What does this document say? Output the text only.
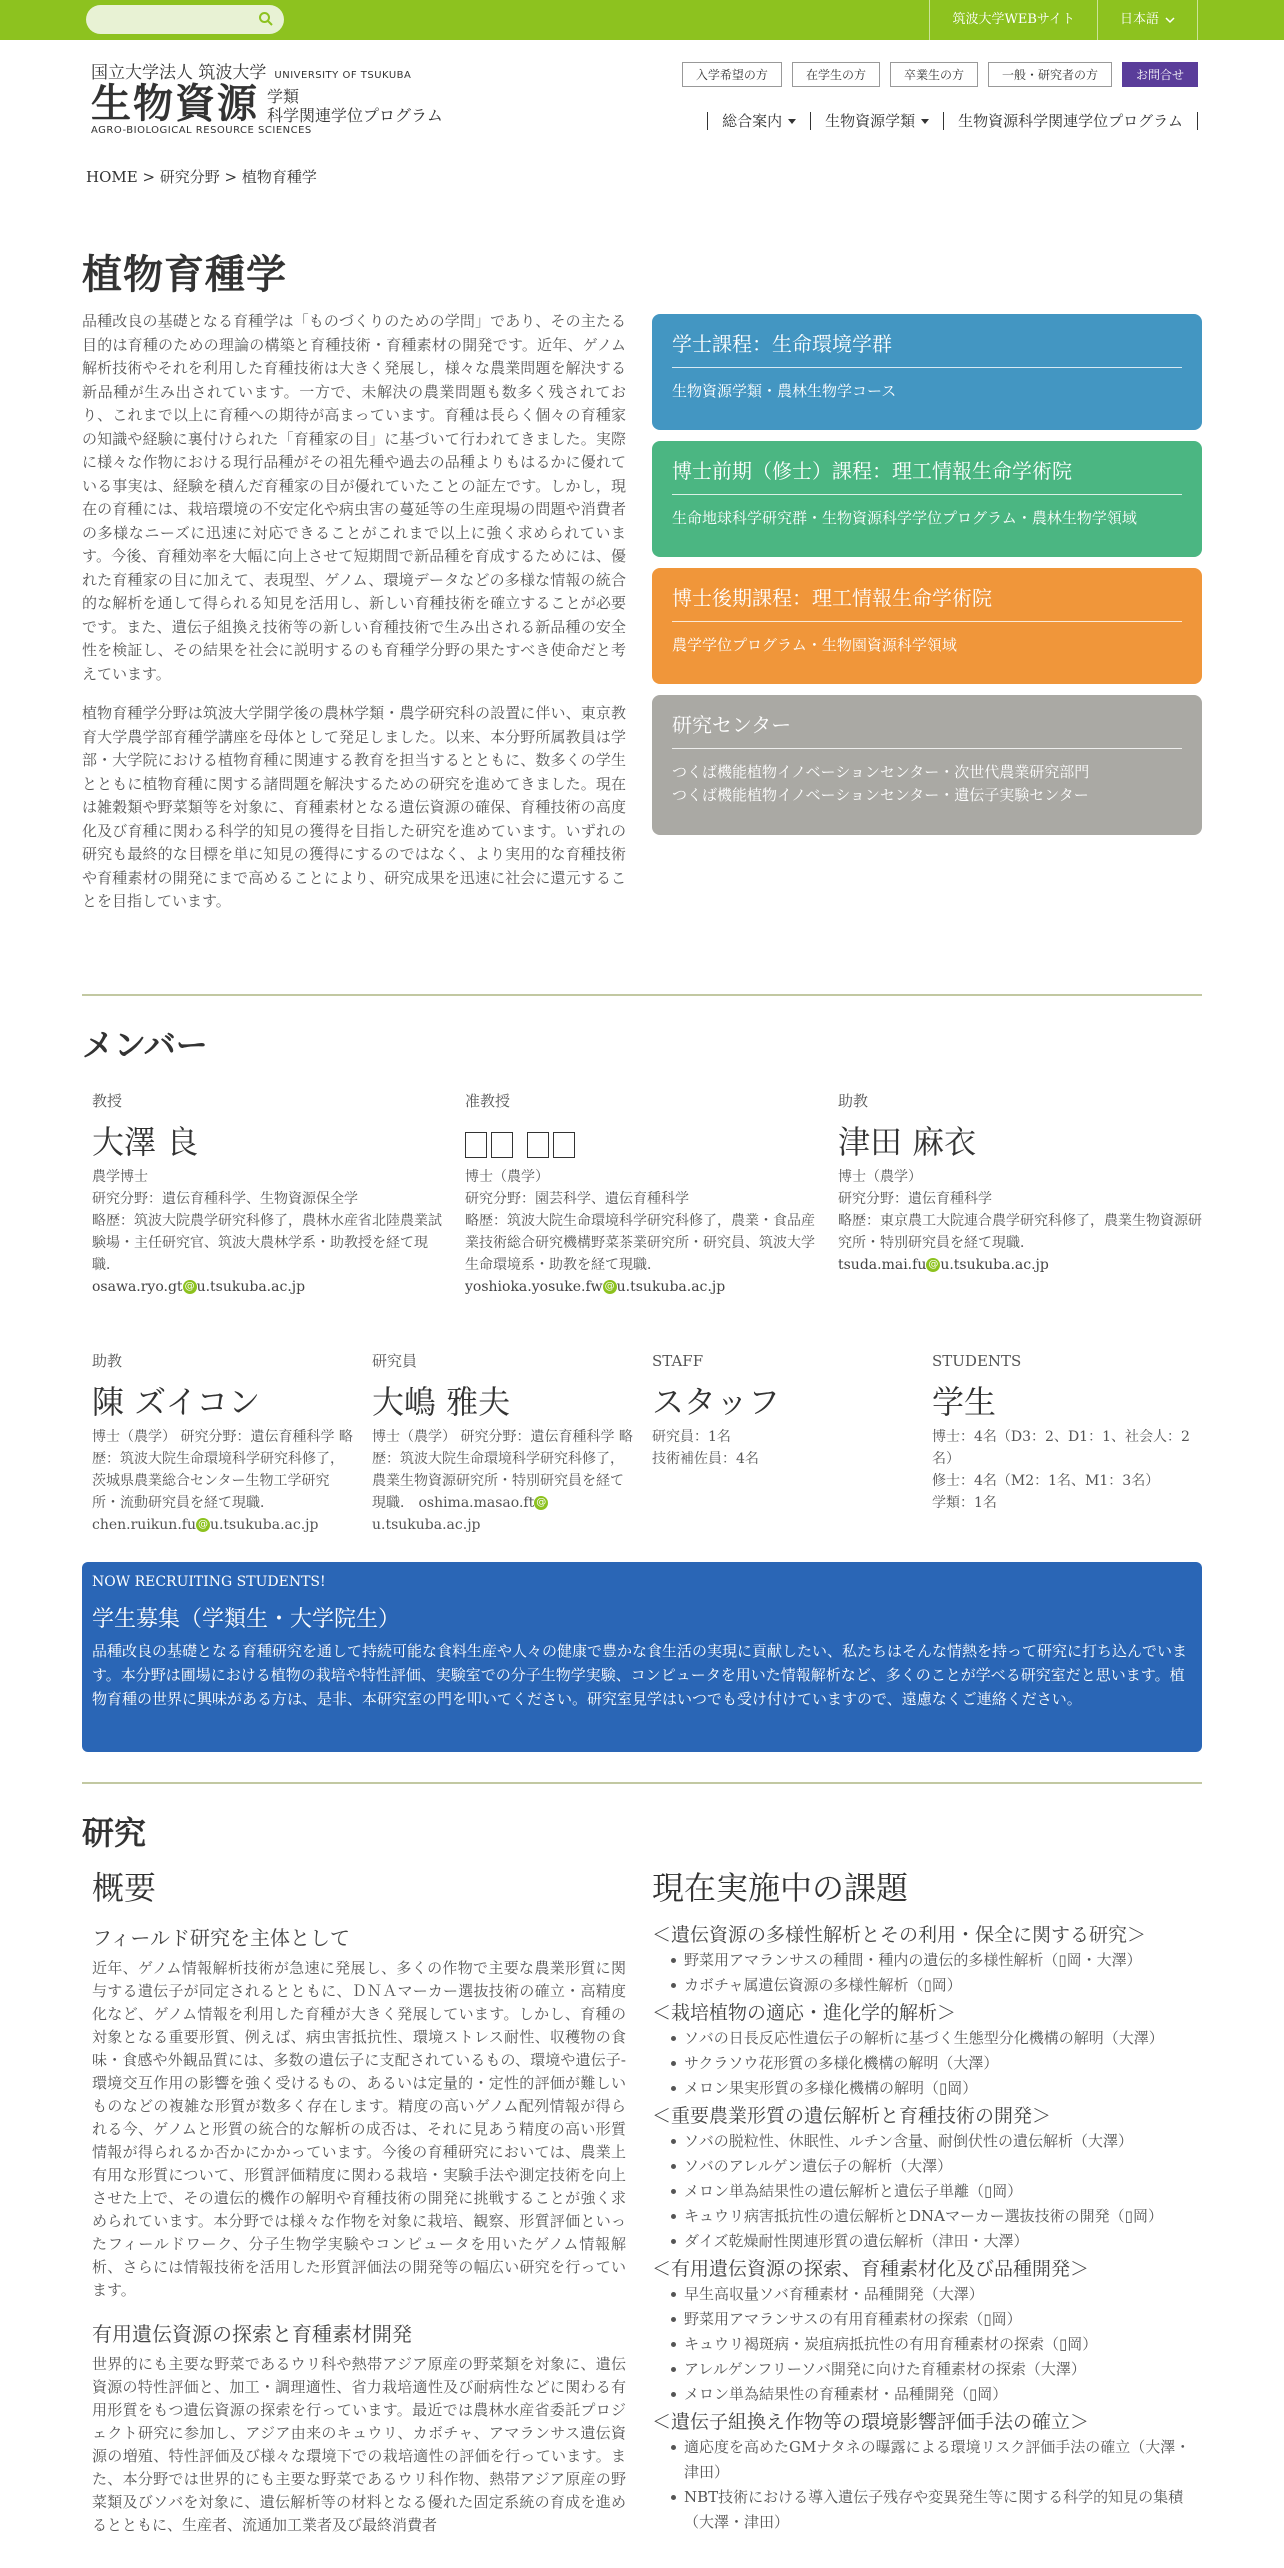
筑波大学WEBサイト	日本語
国立大学法人 筑波大学 UNIVERSITY OF TSUKUBA
生物資源 学類
科学関連学位プログラム
AGRO-BIOLOGICAL RESOURCE SCIENCES
入学希望の方	在学生の方	卒業生の方	一般・研究者の方	お問合せ
総合案内	生物資源学類	生物資源科学関連学位プログラム
HOME > 研究分野 > 植物育種学
植物育種学

品種改良の基礎となる育種学は「ものづくりのための学問」であり、その主たる目的は育種のための理論の構築と育種技術・育種素材の開発です。近年、ゲノム解析技術やそれを利用した育種技術は大きく発展し，様々な農業問題を解決する新品種が生み出されています。一方で、未解決の農業問題も数多く残されており、これまで以上に育種への期待が高まっています。育種は長らく個々の育種家の知識や経験に裏付けられた「育種家の目」に基づいて行われてきました。実際に様々な作物における現行品種がその祖先種や過去の品種よりもはるかに優れている事実は、経験を積んだ育種家の目が優れていたことの証左です。しかし，現在の育種には、栽培環境の不安定化や病虫害の蔓延等の生産現場の問題や消費者の多様なニーズに迅速に対応できることがこれまで以上に強く求められています。今後、育種効率を大幅に向上させて短期間で新品種を育成するためには、優れた育種家の目に加えて、表現型、ゲノム、環境データなどの多様な情報の統合的な解析を通して得られる知見を活用し、新しい育種技術を確立することが必要です。また、遺伝子組換え技術等の新しい育種技術で生み出される新品種の安全性を検証し、その結果を社会に説明するのも育種学分野の果たすべき使命だと考えています。

植物育種学分野は筑波大学開学後の農林学類・農学研究科の設置に伴い、東京教育大学農学部育種学講座を母体として発足しました。以来、本分野所属教員は学部・大学院における植物育種に関連する教育を担当するとともに、数多くの学生とともに植物育種に関する諸問題を解決するための研究を進めてきました。現在は雑穀類や野菜類等を対象に、育種素材となる遺伝資源の確保、育種技術の高度化及び育種に関わる科学的知見の獲得を目指した研究を進めています。いずれの研究も最終的な目標を単に知見の獲得にするのではなく、より実用的な育種技術や育種素材の開発にまで高めることにより、研究成果を迅速に社会に還元することを目指しています。

学士課程：生命環境学群
生物資源学類・農林生物学コース
博士前期（修士）課程：理工情報生命学術院
生命地球科学研究群・生物資源科学学位プログラム・農林生物学領域
博士後期課程：理工情報生命学術院
農学学位プログラム・生物園資源科学領域
研究センター
つくば機能植物イノベーションセンター・次世代農業研究部門
つくば機能植物イノベーションセンター・遺伝子実験センター
メンバー
教授
大澤 良
農学博士
研究分野：遺伝育種科学、生物資源保全学
略歴：筑波大院農学研究科修了，農林水産省北陸農業試験場・主任研究官、筑波大農林学系・助教授を経て現職．
osawa.ryo.gt @ u.tsukuba.ac.jp
准教授
博士（農学）
研究分野：園芸科学、遺伝育種科学
略歴：筑波大院生命環境科学研究科修了，農業・食品産業技術総合研究機構野菜茶業研究所・研究員、筑波大学生命環境系・助教を経て現職．
yoshioka.yosuke.fw @ u.tsukuba.ac.jp
助教
津田 麻衣
博士（農学）
研究分野：遺伝育種科学
略歴：東京農工大院連合農学研究科修了，農業生物資源研究所・特別研究員を経て現職．
tsuda.mai.fu @ u.tsukuba.ac.jp
助教
陳 ズイコン
博士（農学） 研究分野：遺伝育種科学 略歴：筑波大院生命環境科学研究科修了，茨城県農業総合センター生物工学研究所・流動研究員を経て現職． chen.ruikun.fu @ u.tsukuba.ac.jp
研究員
大嶋 雅夫
博士（農学） 研究分野：遺伝育種科学 略歴：筑波大院生命環境科学研究科修了，農業生物資源研究所・特別研究員を経て現職． oshima.masao.ft @u.tsukuba.ac.jp
STAFF
スタッフ
研究員：1名
技術補佐員：4名
STUDENTS
学生
博士：4名（D3：2、D1：1、社会人：2名）
修士：4名（M2：1名、M1：3名）
学類：1名
NOW RECRUITING STUDENTS!
学生募集（学類生・大学院生）
品種改良の基礎となる育種研究を通して持続可能な食料生産や人々の健康で豊かな食生活の実現に貢献したい、私たちはそんな情熱を持って研究に打ち込んでいます。本分野は圃場における植物の栽培や特性評価、実験室での分子生物学実験、コンピュータを用いた情報解析など、多くのことが学べる研究室だと思います。植物育種の世界に興味がある方は、是非、本研究室の門を叩いてください。研究室見学はいつでも受け付けていますので、遠慮なくご連絡ください。
研究
概要
フィールド研究を主体として
近年、ゲノム情報解析技術が急速に発展し、多くの作物で主要な農業形質に関与する遺伝子が同定されるとともに、ＤＮＡマーカー選抜技術の確立・高精度化など、ゲノム情報を利用した育種が大きく発展しています。しかし、育種の対象となる重要形質、例えば、病虫害抵抗性、環境ストレス耐性、収穫物の食味・食感や外観品質には、多数の遺伝子に支配されているもの、環境や遺伝子-環境交互作用の影響を強く受けるもの、あるいは定量的・定性的評価が難しいものなどの複雑な形質が数多く存在します。精度の高いゲノム配列情報が得られる今、ゲノムと形質の統合的な解析の成否は、それに見あう精度の高い形質情報が得られるか否かにかかっています。今後の育種研究においては、農業上有用な形質について、形質評価精度に関わる栽培・実験手法や測定技術を向上させた上で、その遺伝的機作の解明や育種技術の開発に挑戦することが強く求められています。本分野では様々な作物を対象に栽培、観察、形質評価といったフィールドワーク、分子生物学実験やコンピュータを用いたゲノム情報解析、さらには情報技術を活用した形質評価法の開発等の幅広い研究を行っています。
有用遺伝資源の探索と育種素材開発
世界的にも主要な野菜であるウリ科や熱帯アジア原産の野菜類を対象に、遺伝資源の特性評価と、加工・調理適性、省力栽培適性及び耐病性などに関わる有用形質をもつ遺伝資源の探索を行っています。最近では農林水産省委託プロジェクト研究に参加し、アジア由来のキュウリ、カボチャ、アマランサス遺伝資源の増殖、特性評価及び様々な環境下での栽培適性の評価を行っています。また、本分野では世界的にも主要な野菜であるウリ科作物、熱帯アジア原産の野菜類及びソバを対象に、遺伝解析等の材料となる優れた固定系統の育成を進めるとともに、生産者、流通加工業者及び最終消費者
現在実施中の課題
＜遺伝資源の多様性解析とその利用・保全に関する研究＞
野菜用アマランサスの種間・種内の遺伝的多様性解析（▯岡・大澤）
カボチャ属遺伝資源の多様性解析（▯岡）
＜栽培植物の適応・進化学的解析＞
ソバの日長反応性遺伝子の解析に基づく生態型分化機構の解明（大澤）
サクラソウ花形質の多様化機構の解明（大澤）
メロン果実形質の多様化機構の解明（▯岡）
＜重要農業形質の遺伝解析と育種技術の開発＞
ソバの脱粒性、休眠性、ルチン含量、耐倒伏性の遺伝解析（大澤）
ソバのアレルゲン遺伝子の解析（大澤）
メロン単為結果性の遺伝解析と遺伝子単離（▯岡）
キュウリ病害抵抗性の遺伝解析とDNAマーカー選抜技術の開発（▯岡）
ダイズ乾燥耐性関連形質の遺伝解析（津田・大澤）
＜有用遺伝資源の探索、育種素材化及び品種開発＞
早生高収量ソバ育種素材・品種開発（大澤）
野菜用アマランサスの有用育種素材の探索（▯岡）
キュウリ褐斑病・炭疽病抵抗性の有用育種素材の探索（▯岡）
アレルゲンフリーソバ開発に向けた育種素材の探索（大澤）
メロン単為結果性の育種素材・品種開発（▯岡）
＜遺伝子組換え作物等の環境影響評価手法の確立＞
適応度を高めたGMナタネの曝露による環境リスク評価手法の確立（大澤・津田）
NBT技術における導入遺伝子残存や変異発生等に関する科学的知見の集積（大澤・津田）
